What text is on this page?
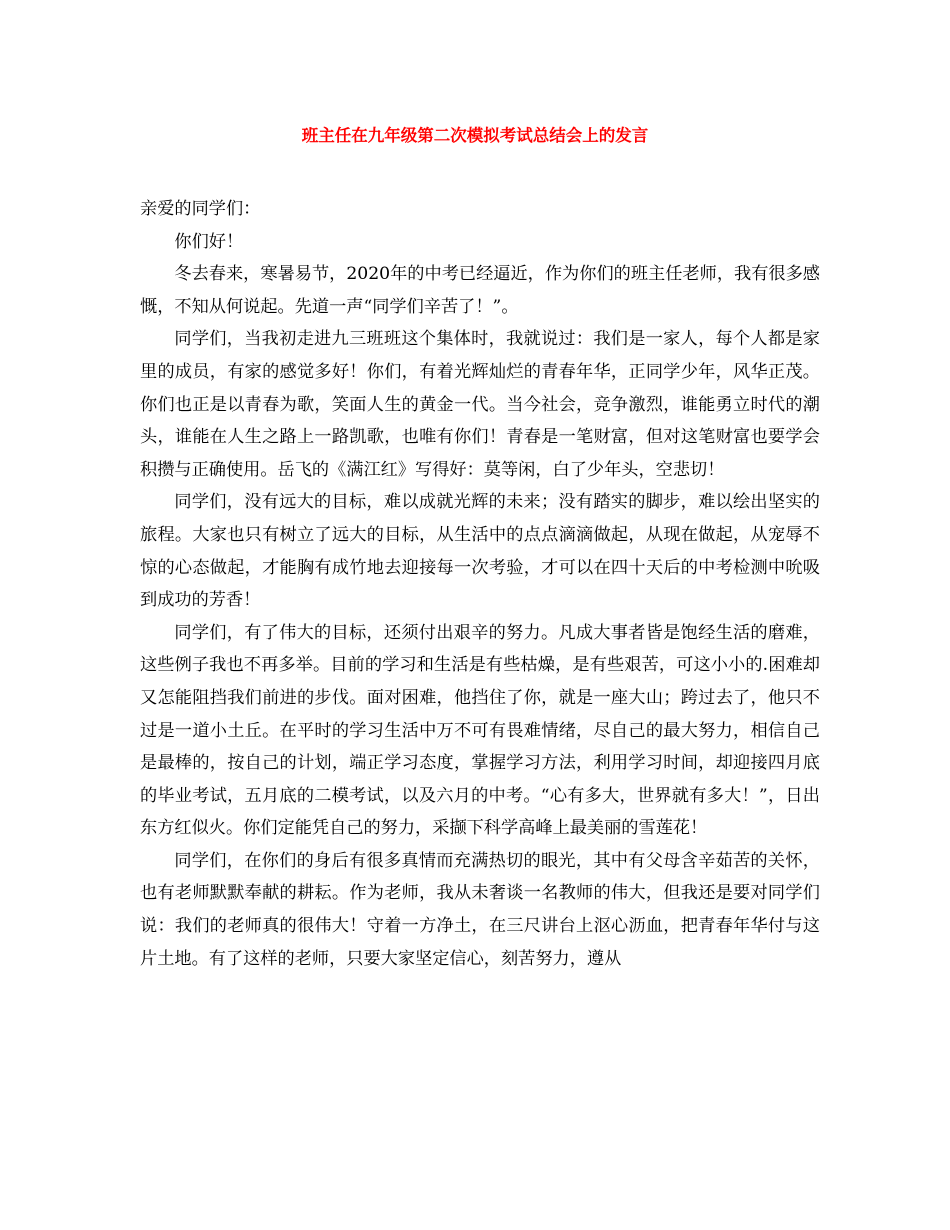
班主任在九年级第二次模拟考试总结会上的发言

亲爱的同学们：

你们好！

冬去春来，寒暑易节，2020年的中考已经逼近，作为你们的班主任老师，我有很多感慨，不知从何说起。先道一声“同学们辛苦了！”。

同学们，当我初走进九三班班这个集体时，我就说过：我们是一家人，每个人都是家里的成员，有家的感觉多好！你们，有着光辉灿烂的青春年华，正同学少年，风华正茂。你们也正是以青春为歌，笑面人生的黄金一代。当今社会，竞争激烈，谁能勇立时代的潮头，谁能在人生之路上一路凯歌，也唯有你们！青春是一笔财富，但对这笔财富也要学会积攒与正确使用。岳飞的《满江红》写得好：莫等闲，白了少年头，空悲切！

同学们，没有远大的目标，难以成就光辉的未来；没有踏实的脚步，难以绘出坚实的旅程。大家也只有树立了远大的目标，从生活中的点点滴滴做起，从现在做起，从宠辱不惊的心态做起，才能胸有成竹地去迎接每一次考验，才可以在四十天后的中考检测中吮吸到成功的芳香！

同学们，有了伟大的目标，还须付出艰辛的努力。凡成大事者皆是饱经生活的磨难，这些例子我也不再多举。目前的学习和生活是有些枯燥，是有些艰苦，可这小小的.困难却又怎能阻挡我们前进的步伐。面对困难，他挡住了你，就是一座大山；跨过去了，他只不过是一道小土丘。在平时的学习生活中万不可有畏难情绪，尽自己的最大努力，相信自己是最棒的，按自己的计划，端正学习态度，掌握学习方法，利用学习时间，却迎接四月底的毕业考试，五月底的二模考试，以及六月的中考。“心有多大，世界就有多大！”，日出东方红似火。你们定能凭自己的努力，采撷下科学高峰上最美丽的雪莲花！

同学们，在你们的身后有很多真情而充满热切的眼光，其中有父母含辛茹苦的关怀，也有老师默默奉献的耕耘。作为老师，我从未奢谈一名教师的伟大，但我还是要对同学们说：我们的老师真的很伟大！守着一方净土，在三尺讲台上沤心沥血，把青春年华付与这片土地。有了这样的老师，只要大家坚定信心，刻苦努力，遵从
